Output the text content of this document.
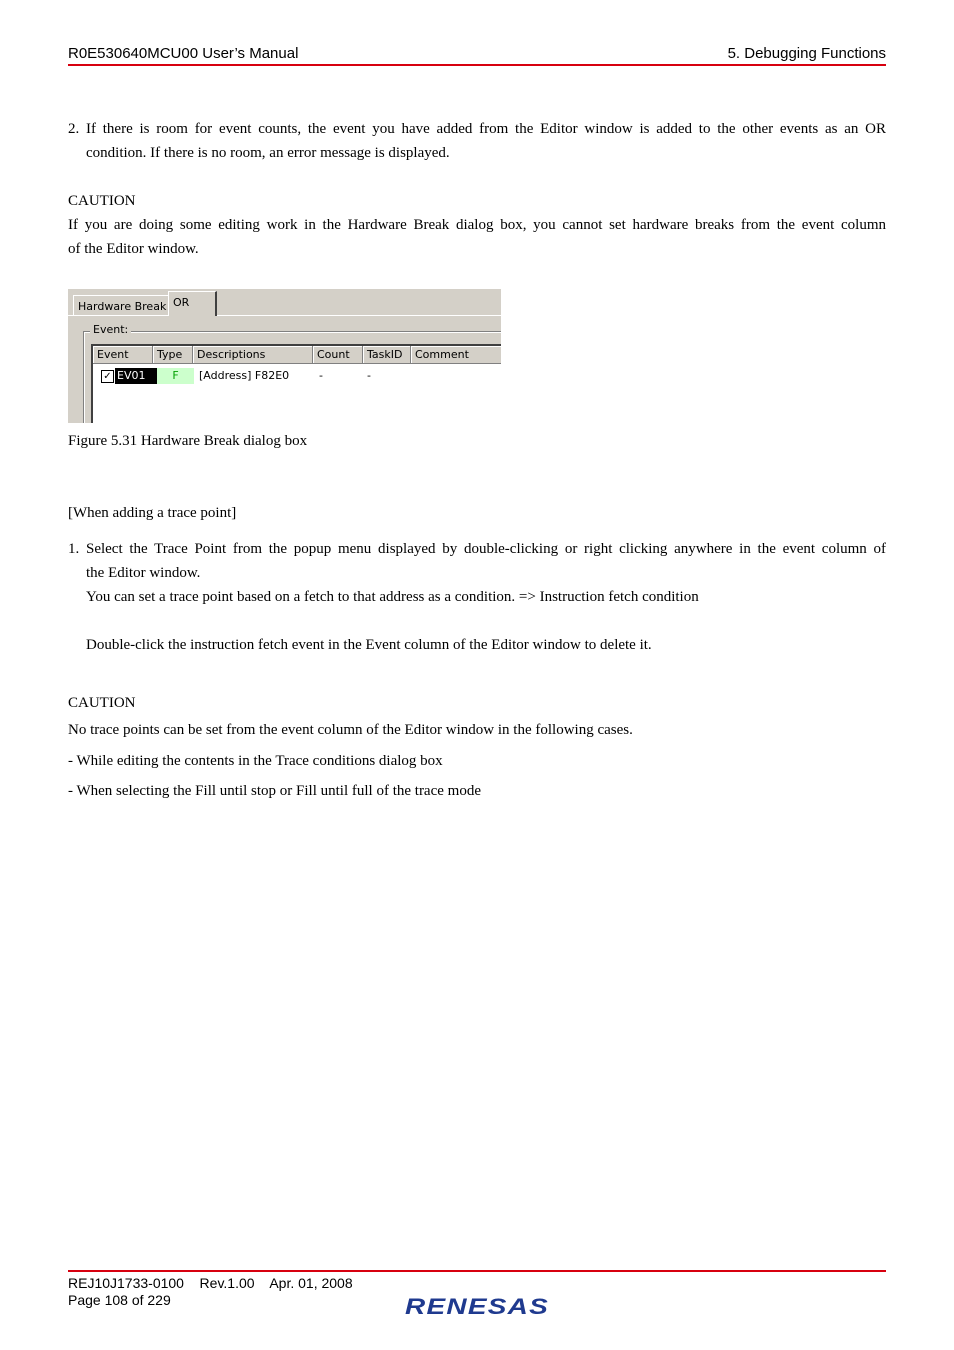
R0E530640MCU00 User’s Manual	5. Debugging Functions
2. If there is room for event counts, the event you have added from the Editor window is added to the other events as an OR
condition. If there is no room, an error message is displayed.
CAUTION
If you are doing some editing work in the Hardware Break dialog box, you cannot set hardware breaks from the event column
of the Editor window.
Hardware Break OR
Event:
Event	Type	Descriptions	Count	TaskID	Comment
✓ EV01	F	[Address] F82E0	-	-
Figure 5.31 Hardware Break dialog box
[When adding a trace point]
1. Select the Trace Point from the popup menu displayed by double-clicking or right clicking anywhere in the event column of
the Editor window.
You can set a trace point based on a fetch to that address as a condition. => Instruction fetch condition
Double-click the instruction fetch event in the Event column of the Editor window to delete it.
CAUTION
No trace points can be set from the event column of the Editor window in the following cases.
- While editing the contents in the Trace conditions dialog box
- When selecting the Fill until stop or Fill until full of the trace mode
REJ10J1733-0100 Rev.1.00 Apr. 01, 2008
Page 108 of 229	RENESAS
